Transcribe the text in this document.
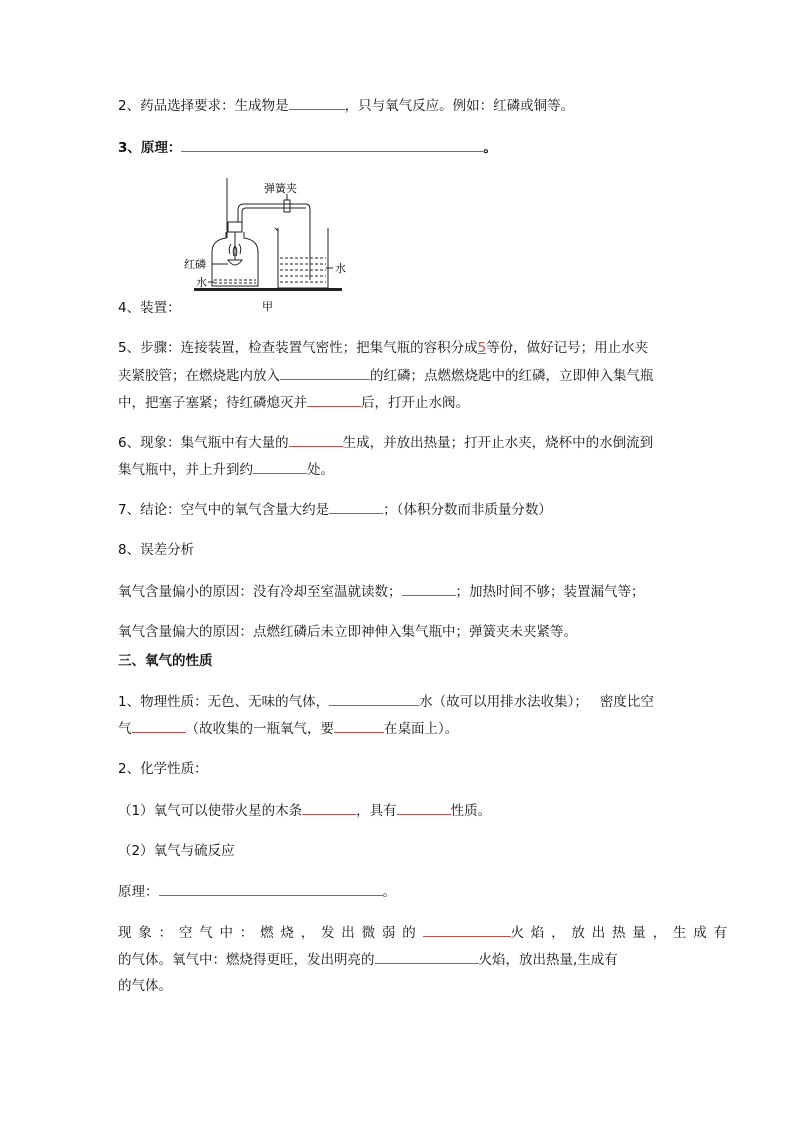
2、药品选择要求：生成物是	，只与氧气反应。例如：红磷或铜等。
3、原理：	。
弹簧夹
红磷	水
水
甲
4、装置：
5、步骤：连接装置，检查装置气密性；把集气瓶的容积分成5等份，做好记号；用止水夹
夹紧胶管；在燃烧匙内放入	的红磷；点燃燃烧匙中的红磷，立即伸入集气瓶
中，把塞子塞紧；待红磷熄灭并	后，打开止水阀。
6、现象：集气瓶中有大量的	生成，并放出热量；打开止水夹，烧杯中的水倒流到
集气瓶中，并上升到约	处。
7、结论：空气中的氧气含量大约是	；（体积分数而非质量分数）
8、误差分析
氧气含量偏小的原因：没有冷却至室温就读数；	；加热时间不够；装置漏气等；
氧气含量偏大的原因：点燃红磷后未立即神伸入集气瓶中；弹簧夹未夹紧等。
三、氧气的性质
1、物理性质：无色、无味的气体，	水（故可以用排水法收集）； 密度比空
气	（故收集的一瓶氧气，要	在桌面上）。
2、化学性质：
（1）氧气可以使带火星的木条	，具有	性质。
（2）氧气与硫反应
原理：	。
现象：空气中：燃烧，发出微弱的	火焰，放出热量，生成有
的气体。氧气中：燃烧得更旺，发出明亮的	火焰，放出热量,生成有
的气体。
